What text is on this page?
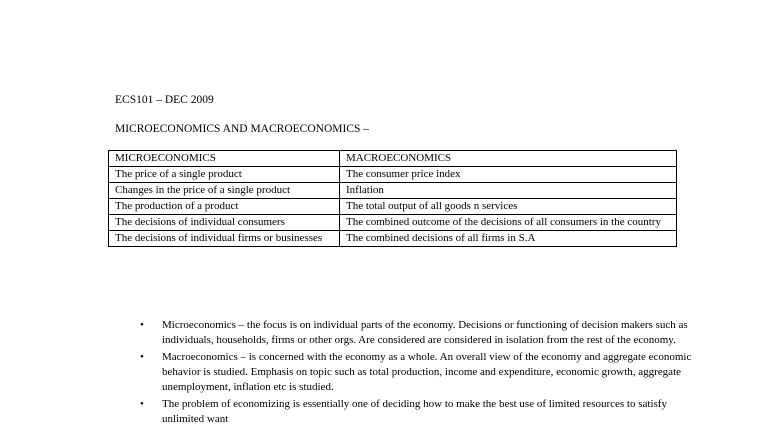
ECS101 – DEC 2009
MICROECONOMICS AND MACROECONOMICS –
MICROECONOMICS	MACROECONOMICS
The price of a single product	The consumer price index
Changes in the price of a single product	Inflation
The production of a product	The total output of all goods n services
The decisions of individual consumers	The combined outcome of the decisions of all consumers in the country
The decisions of individual firms or businesses	The combined decisions of all firms in S.A
• Microeconomics – the focus is on individual parts of the economy. Decisions or functioning of decision makers such as individuals, households, firms or other orgs. Are considered are considered in isolation from the rest of the economy.
• Macroeconomics – is concerned with the economy as a whole. An overall view of the economy and aggregate economic behavior is studied. Emphasis on topic such as total production, income and expenditure, economic growth, aggregate unemployment, inflation etc is studied.
• The problem of economizing is essentially one of deciding how to make the best use of limited resources to satisfy unlimited want
